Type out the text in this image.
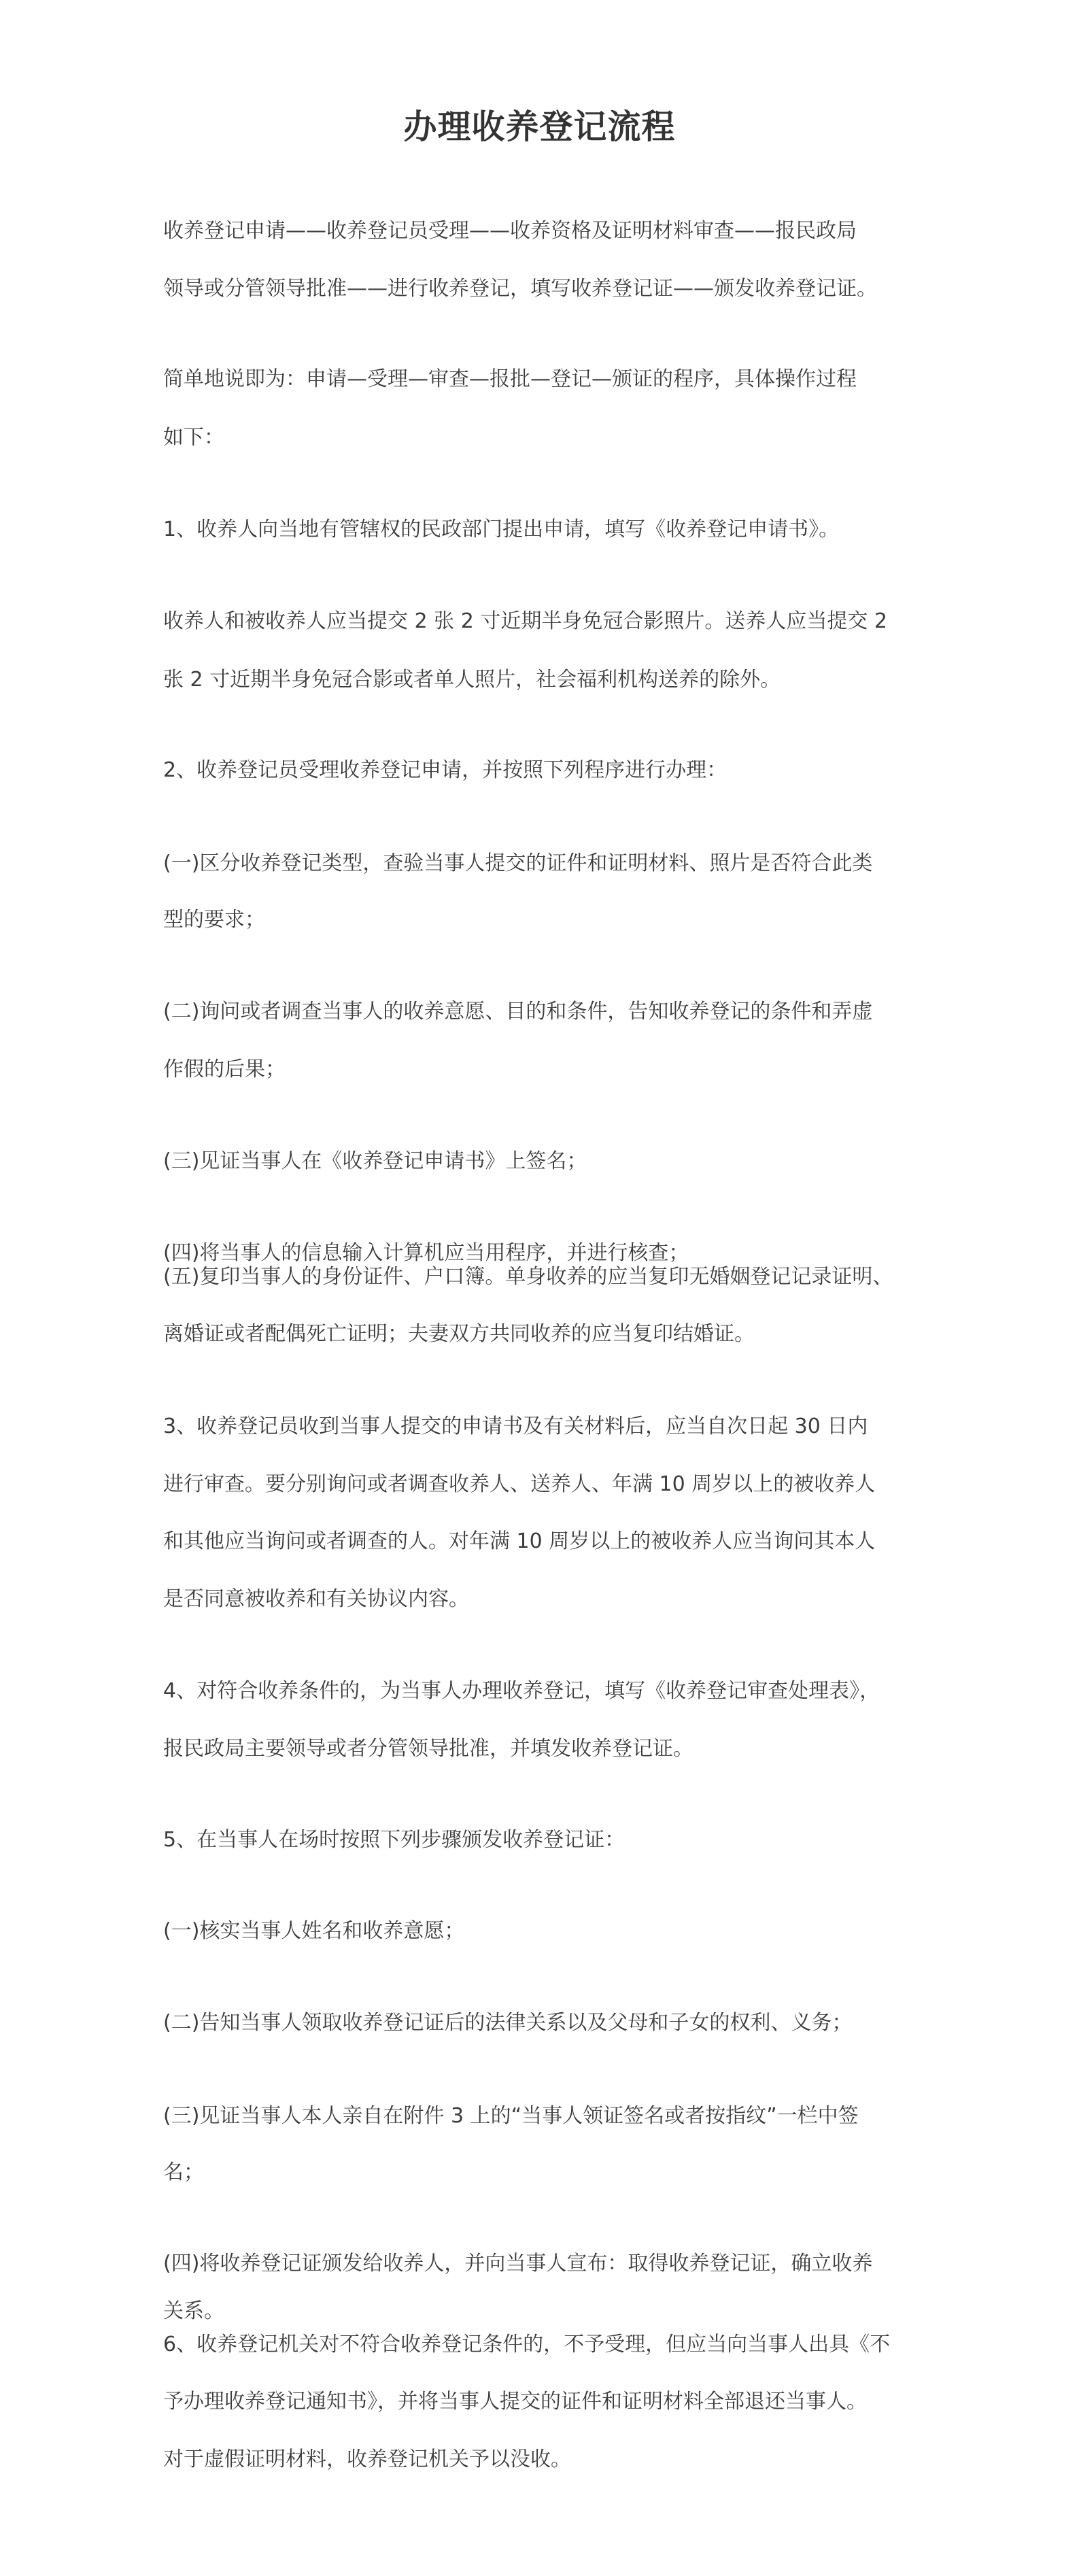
办理收养登记流程

收养登记申请——收养登记员受理——收养资格及证明材料审查——报民政局

领导或分管领导批准——进行收养登记，填写收养登记证——颁发收养登记证。

简单地说即为：申请—受理—审查—报批—登记—颁证的程序，具体操作过程

如下：

1、收养人向当地有管辖权的民政部门提出申请，填写《收养登记申请书》。

收养人和被收养人应当提交 2 张 2 寸近期半身免冠合影照片。送养人应当提交 2

张 2 寸近期半身免冠合影或者单人照片，社会福利机构送养的除外。

2、收养登记员受理收养登记申请，并按照下列程序进行办理：

(一)区分收养登记类型，查验当事人提交的证件和证明材料、照片是否符合此类

型的要求；

(二)询问或者调查当事人的收养意愿、目的和条件，告知收养登记的条件和弄虚

作假的后果；

(三)见证当事人在《收养登记申请书》上签名；

(四)将当事人的信息输入计算机应当用程序，并进行核查；

(五)复印当事人的身份证件、户口簿。单身收养的应当复印无婚姻登记记录证明、

离婚证或者配偶死亡证明；夫妻双方共同收养的应当复印结婚证。

3、收养登记员收到当事人提交的申请书及有关材料后，应当自次日起 30 日内

进行审查。要分别询问或者调查收养人、送养人、年满 10 周岁以上的被收养人

和其他应当询问或者调查的人。对年满 10 周岁以上的被收养人应当询问其本人

是否同意被收养和有关协议内容。

4、对符合收养条件的，为当事人办理收养登记，填写《收养登记审查处理表》，

报民政局主要领导或者分管领导批准，并填发收养登记证。

5、在当事人在场时按照下列步骤颁发收养登记证：

(一)核实当事人姓名和收养意愿；

(二)告知当事人领取收养登记证后的法律关系以及父母和子女的权利、义务；

(三)见证当事人本人亲自在附件 3 上的“当事人领证签名或者按指纹”一栏中签

名；

(四)将收养登记证颁发给收养人，并向当事人宣布：取得收养登记证，确立收养

关系。

6、收养登记机关对不符合收养登记条件的，不予受理，但应当向当事人出具《不

予办理收养登记通知书》，并将当事人提交的证件和证明材料全部退还当事人。

对于虚假证明材料，收养登记机关予以没收。
